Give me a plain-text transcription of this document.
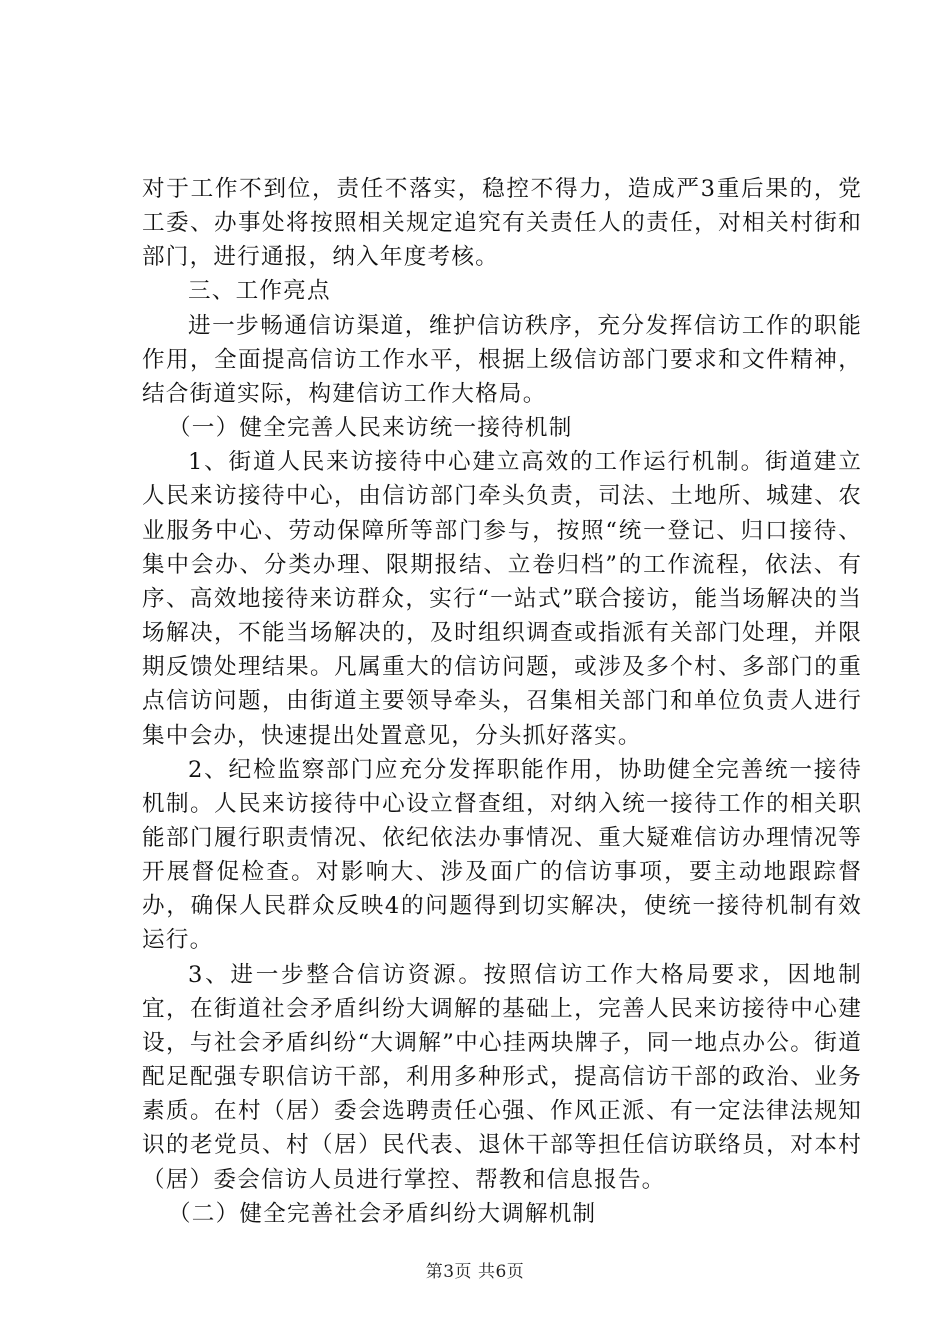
对于工作不到位，责任不落实，稳控不得力，造成严3重后果的，党工委、办事处将按照相关规定追究有关责任人的责任，对相关村街和部门，进行通报，纳入年度考核。

三、工作亮点

进一步畅通信访渠道，维护信访秩序，充分发挥信访工作的职能作用，全面提高信访工作水平，根据上级信访部门要求和文件精神，结合街道实际，构建信访工作大格局。

（一）健全完善人民来访统一接待机制

1、街道人民来访接待中心建立高效的工作运行机制。街道建立人民来访接待中心，由信访部门牵头负责，司法、土地所、城建、农业服务中心、劳动保障所等部门参与，按照“统一登记、归口接待、集中会办、分类办理、限期报结、立卷归档”的工作流程，依法、有序、高效地接待来访群众，实行“一站式”联合接访，能当场解决的当场解决，不能当场解决的，及时组织调查或指派有关部门处理，并限期反馈处理结果。凡属重大的信访问题，或涉及多个村、多部门的重点信访问题，由街道主要领导牵头，召集相关部门和单位负责人进行集中会办，快速提出处置意见，分头抓好落实。

2、纪检监察部门应充分发挥职能作用，协助健全完善统一接待机制。人民来访接待中心设立督查组，对纳入统一接待工作的相关职能部门履行职责情况、依纪依法办事情况、重大疑难信访办理情况等开展督促检查。对影响大、涉及面广的信访事项，要主动地跟踪督办，确保人民群众反映4的问题得到切实解决，使统一接待机制有效运行。

3、进一步整合信访资源。按照信访工作大格局要求，因地制宜，在街道社会矛盾纠纷大调解的基础上，完善人民来访接待中心建设，与社会矛盾纠纷“大调解”中心挂两块牌子，同一地点办公。街道配足配强专职信访干部，利用多种形式，提高信访干部的政治、业务素质。在村（居）委会选聘责任心强、作风正派、有一定法律法规知识的老党员、村（居）民代表、退休干部等担任信访联络员，对本村（居）委会信访人员进行掌控、帮教和信息报告。

（二）健全完善社会矛盾纠纷大调解机制

第3页 共6页
